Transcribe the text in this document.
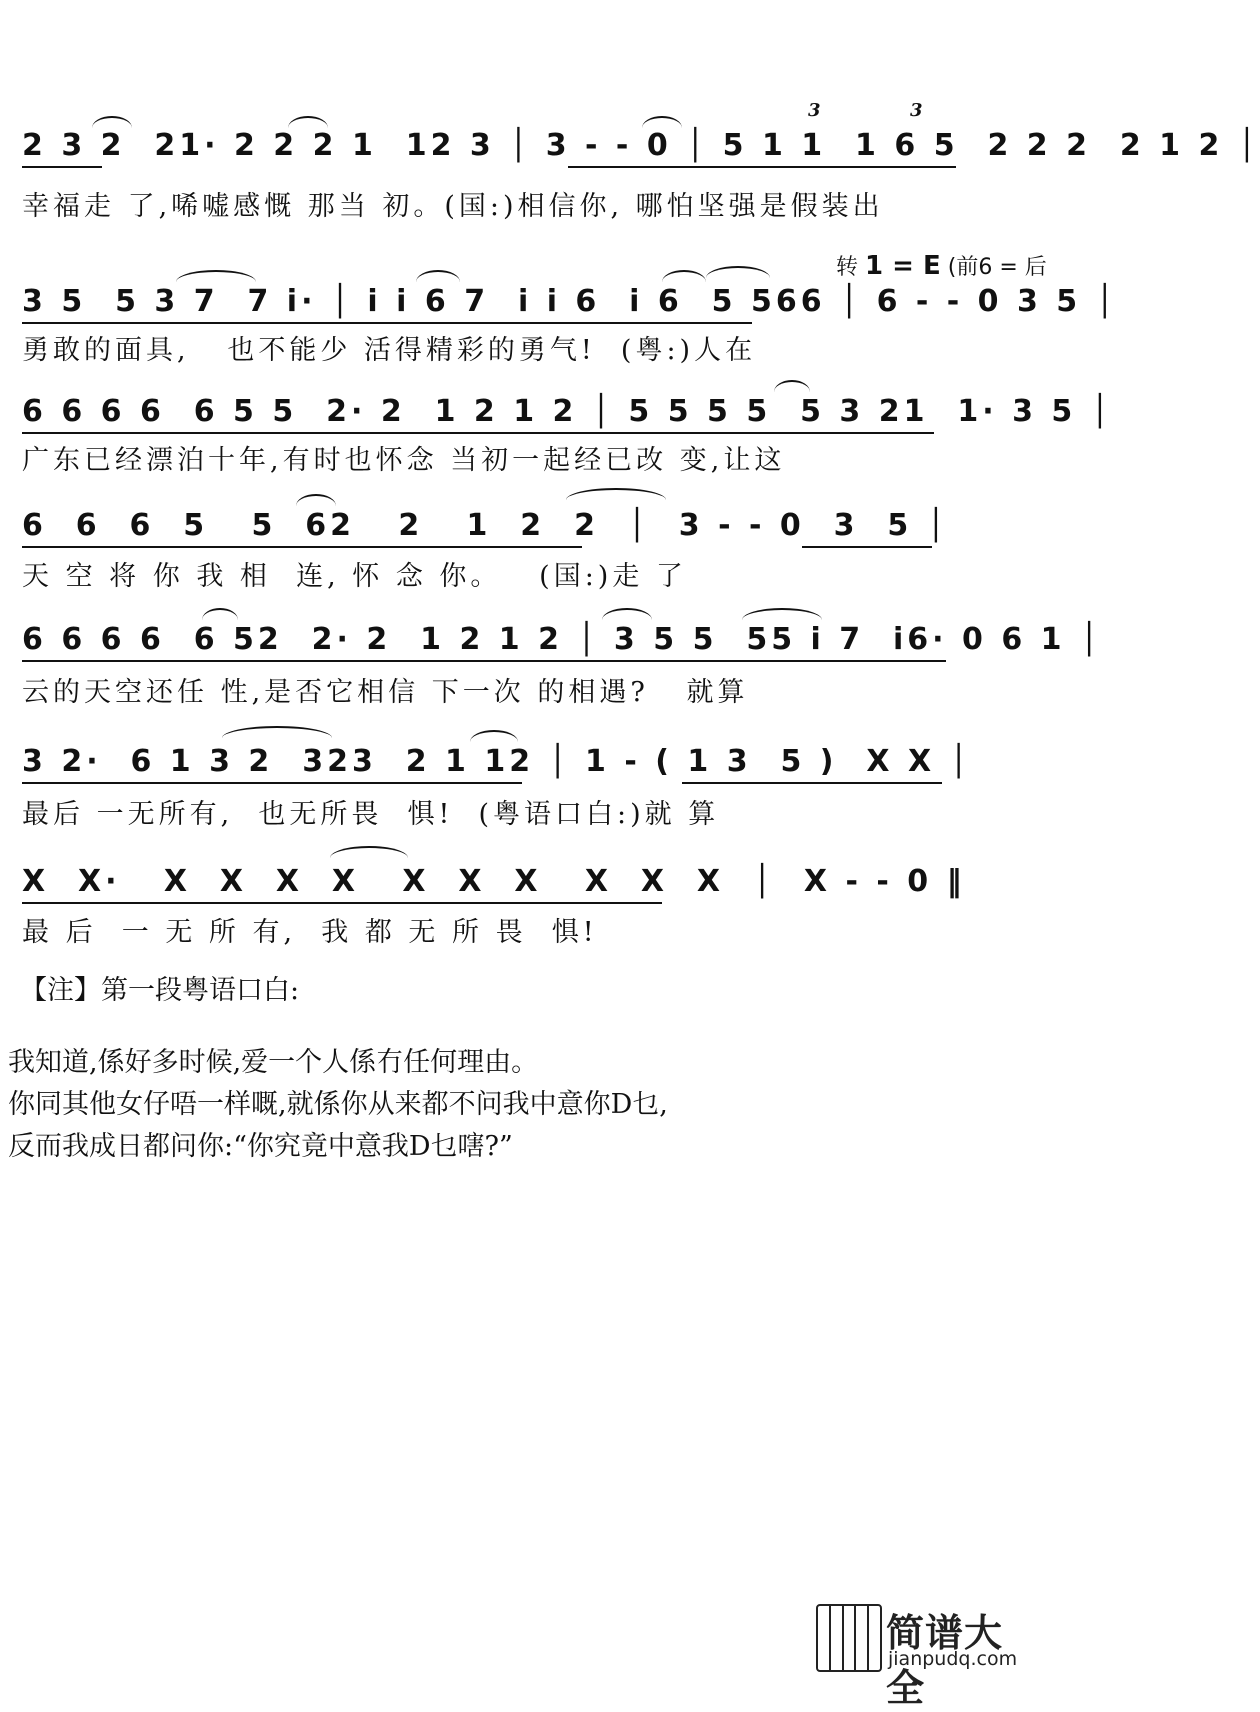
2 3 2  21· 2 2 2 1  12 3 │ 3 - - 0 │ 5 1 1  1 6 5  2 2 2  2 1 2 │
幸福走 了,唏嘘感慨 那当 初。(国:)相信你, 哪怕坚强是假装出
3	3
转 1 = E (前6 = 后
3 5  5 3 7  7 i· │ i i 6 7  i i 6  i 6  5 566 │ 6 - - 0 3 5 │
勇敢的面具,   也不能少 活得精彩的勇气!  (粤:)人在
6 6 6 6  6 5 5  2· 2  1 2 1 2 │ 5 5 5 5  5 3 21  1· 3 5 │
广东已经漂泊十年,有时也怀念 当初一起经已改 变,让这
6  6  6  5   5  62   2   1  2  2  │  3 - - 0  3  5 │
天 空 将 你 我 相  连, 怀 念 你。   (国:)走 了
6 6 6 6  6 52  2· 2  1 2 1 2 │ 3 5 5  55 i 7  i6· 0 6 1 │
云的天空还任 性,是否它相信 下一次 的相遇?   就算
3 2·  6 1 3 2  323  2 1 12 │ 1 - ( 1 3  5 )  X X │
最后 一无所有,  也无所畏  惧!  (粤语口白:)就 算
X  X·   X  X  X  X   X  X  X   X  X  X  │  X - - 0 ‖
最 后  一 无 所 有,  我 都 无 所 畏  惧!
【注】第一段粤语口白:
我知道,係好多时候,爱一个人係冇任何理由。
你同其他女仔唔一样嘅,就係你从来都不问我中意你D乜,
反而我成日都问你:“你究竟中意我D乜嗐?”
简谱大全
jianpudq.com
